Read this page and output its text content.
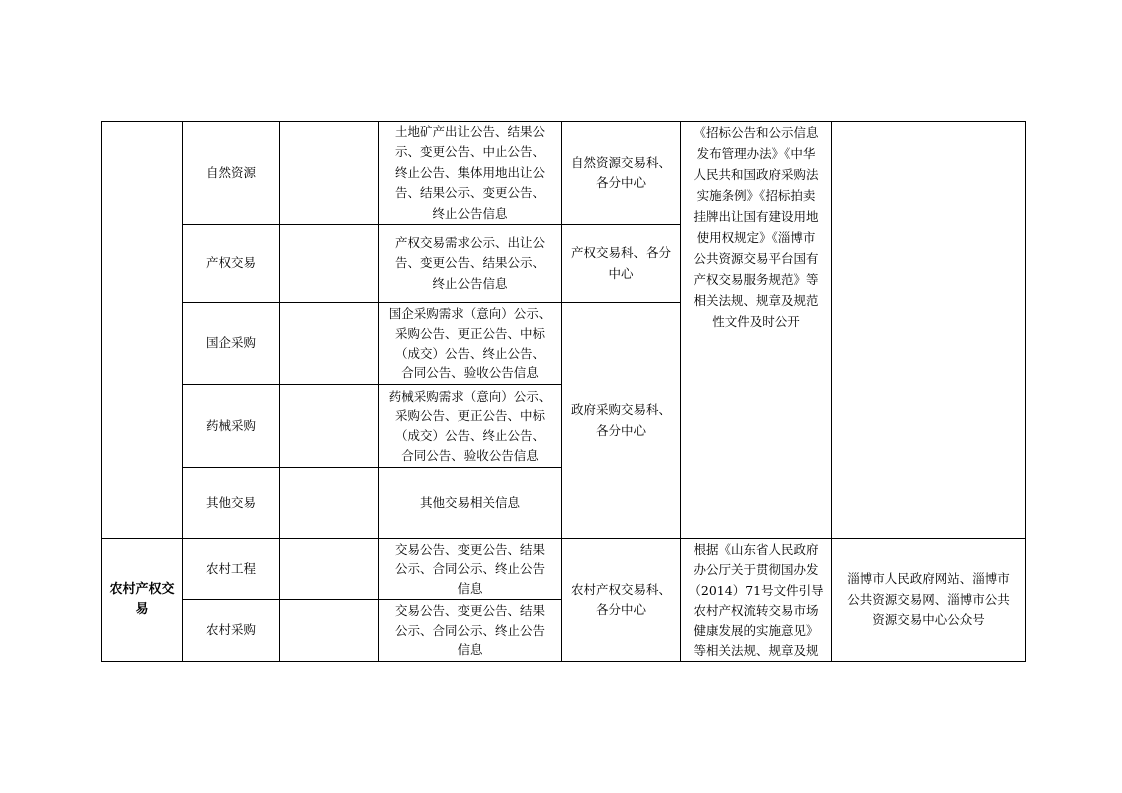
自然资源
土地矿产出让公告、结果公
示、变更公告、中止公告、
终止公告、集体用地出让公
告、结果公示、变更公告、
终止公告信息
自然资源交易科、
各分中心
产权交易
产权交易需求公示、出让公
告、变更公告、结果公示、
终止公告信息
产权交易科、各分
中心
国企采购
国企采购需求（意向）公示、
采购公告、更正公告、中标
（成交）公告、终止公告、
合同公告、验收公告信息
药械采购
药械采购需求（意向）公示、
采购公告、更正公告、中标
（成交）公告、终止公告、
合同公告、验收公告信息
政府采购交易科、
各分中心
其他交易	其他交易相关信息
《招标公告和公示信息
发布管理办法》《中华
人民共和国政府采购法
实施条例》《招标拍卖
挂牌出让国有建设用地
使用权规定》《淄博市
公共资源交易平台国有
产权交易服务规范》等
相关法规、规章及规范
性文件及时公开
农村产权交
易
农村工程
交易公告、变更公告、结果
公示、合同公示、终止公告
信息
农村采购
交易公告、变更公告、结果
公示、合同公示、终止公告
信息
农村产权交易科、
各分中心
根据《山东省人民政府
办公厅关于贯彻国办发
（2014）71号文件引导
农村产权流转交易市场
健康发展的实施意见》
等相关法规、规章及规
淄博市人民政府网站、淄博市
公共资源交易网、淄博市公共
资源交易中心公众号
